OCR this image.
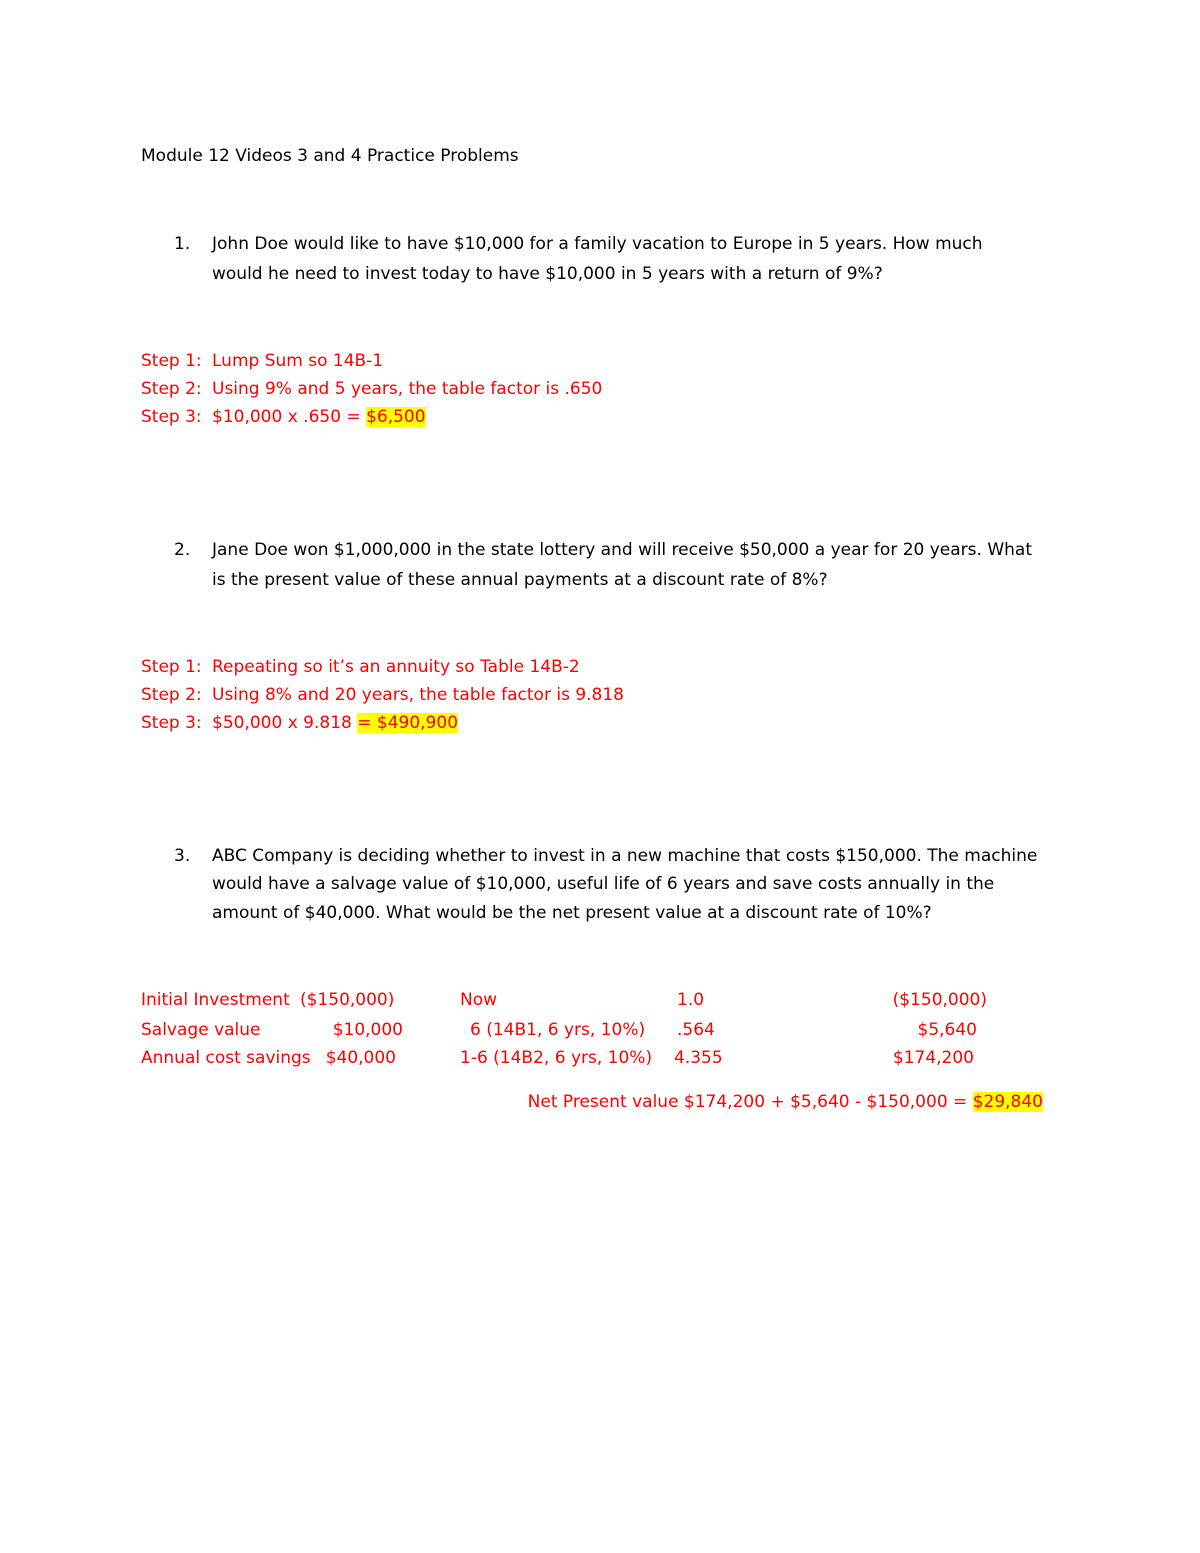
Module 12 Videos 3 and 4 Practice Problems
1. John Doe would like to have $10,000 for a family vacation to Europe in 5 years. How much
would he need to invest today to have $10,000 in 5 years with a return of 9%?
Step 1: Lump Sum so 14B-1
Step 2: Using 9% and 5 years, the table factor is .650
Step 3: $10,000 x .650 = $6,500
2. Jane Doe won $1,000,000 in the state lottery and will receive $50,000 a year for 20 years. What
is the present value of these annual payments at a discount rate of 8%?
Step 1: Repeating so it’s an annuity so Table 14B-2
Step 2: Using 8% and 20 years, the table factor is 9.818
Step 3: $50,000 x 9.818 = $490,900
3. ABC Company is deciding whether to invest in a new machine that costs $150,000. The machine
would have a salvage value of $10,000, useful life of 6 years and save costs annually in the
amount of $40,000. What would be the net present value at a discount rate of 10%?
Initial Investment ($150,000)	Now	1.0	($150,000)
Salvage value	$10,000	6 (14B1, 6 yrs, 10%) .564	$5,640
Annual cost savings $40,000	1-6 (14B2, 6 yrs, 10%) 4.355	$174,200
Net Present value $174,200 + $5,640 - $150,000 = $29,840
